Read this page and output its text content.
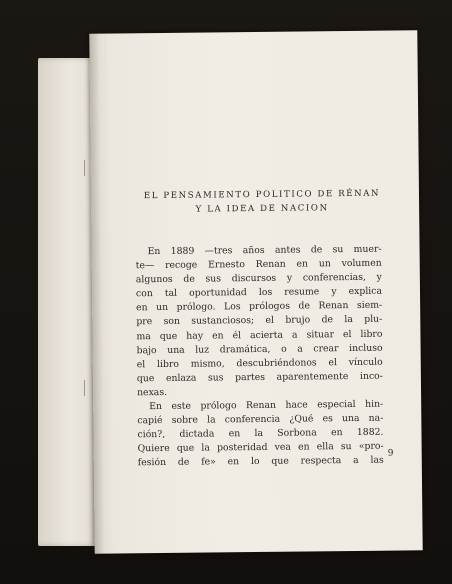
EL PENSAMIENTO POLITICO DE RÉNAN
Y LA IDEA DE NACION
En 1889 —tres años antes de su muer-
te— recoge Ernesto Renan en un volumen
algunos de sus discursos y conferencias, y
con tal oportunidad los resume y explica
en un prólogo. Los prólogos de Renan siem-
pre son sustanciosos; el brujo de la plu-
ma que hay en él acierta a situar el libro
bajo una luz dramática, o a crear incluso
el libro mismo, descubriéndonos el vínculo
que enlaza sus partes aparentemente inco-
nexas.
En este prólogo Renan hace especial hin-
capié sobre la conferencia ¿Qué es una na-
ción?, dictada en la Sorbona en 1882.
Quiere que la posteridad vea en ella su «pro-
fesión de fe» en lo que respecta a las
9
